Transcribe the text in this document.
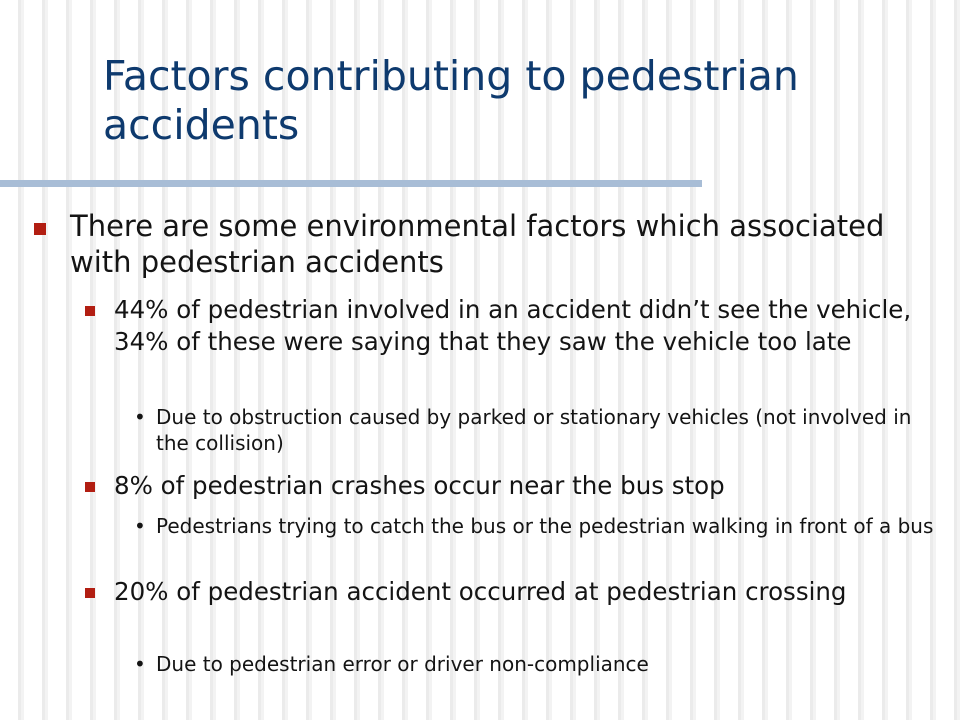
Factors contributing to pedestrian accidents
There are some environmental factors which associated with pedestrian accidents
44% of pedestrian involved in an accident didn’t see the vehicle, 34% of these were saying that they saw the vehicle too late
• Due to obstruction caused by parked or stationary vehicles (not involved in the collision)
8% of pedestrian crashes occur near the bus stop
• Pedestrians trying to catch the bus or the pedestrian walking in front of a bus
20% of pedestrian accident occurred at pedestrian crossing
• Due to pedestrian error or driver non-compliance
